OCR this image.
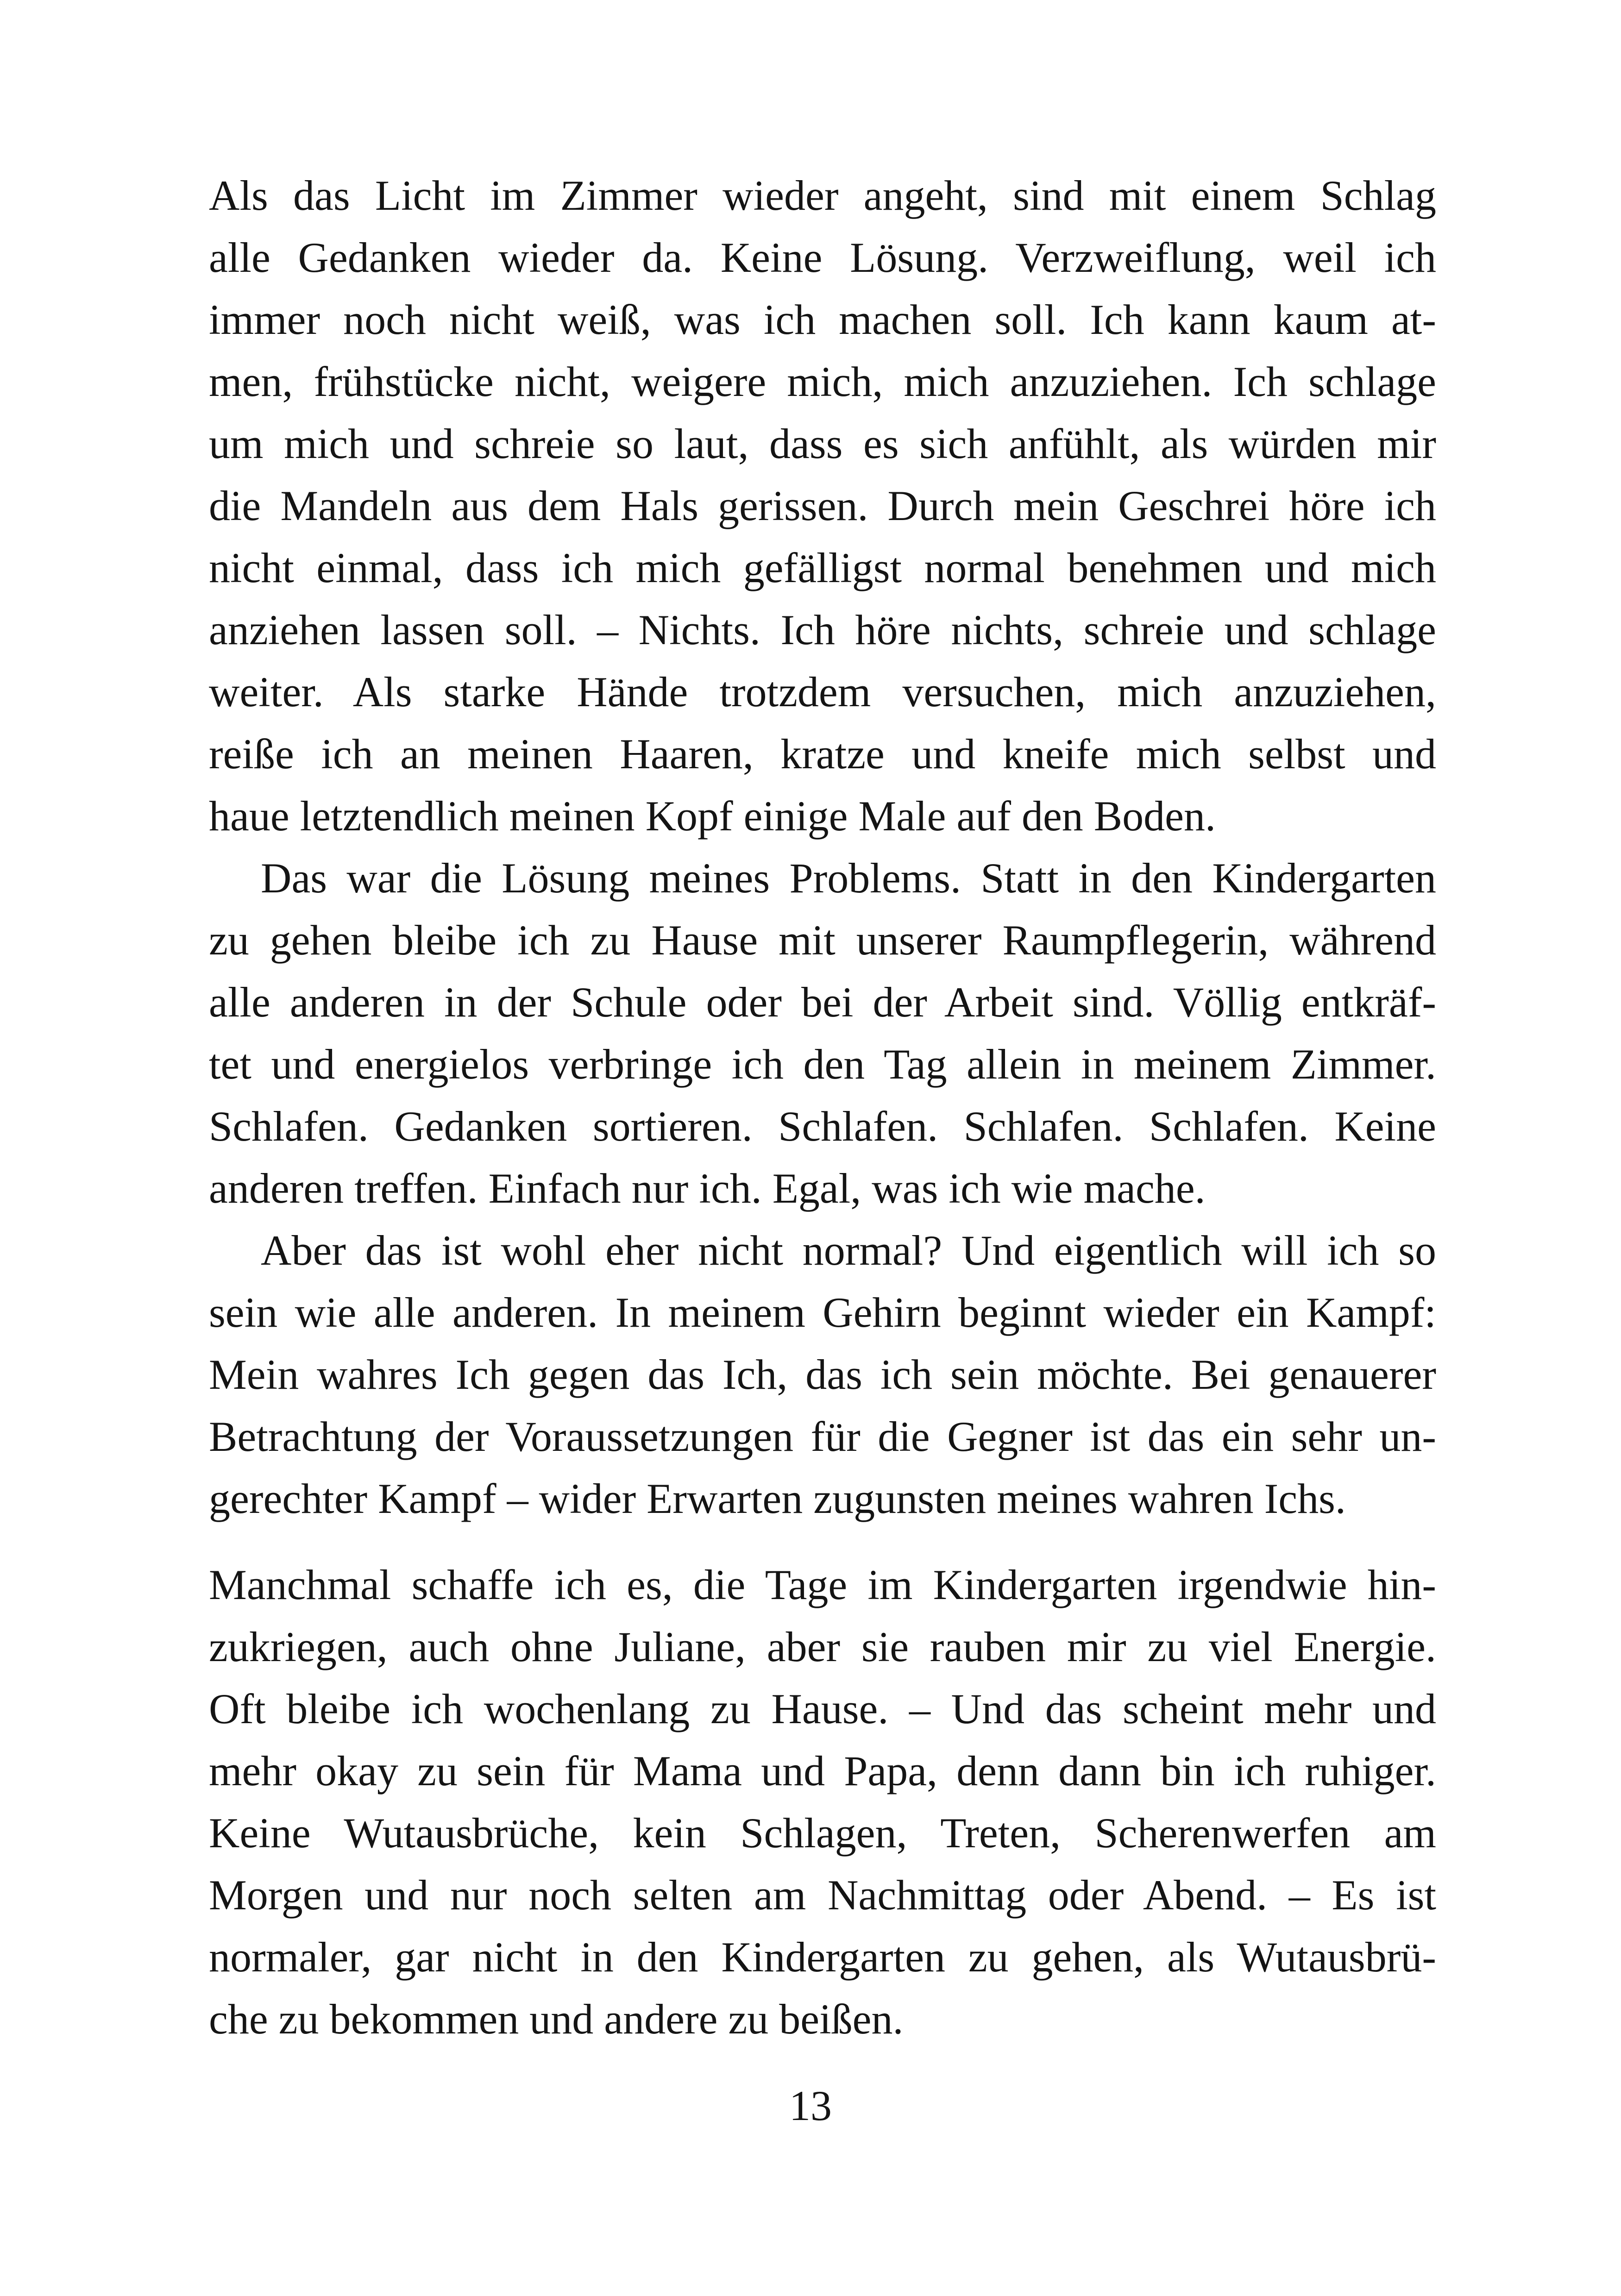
Als das Licht im Zimmer wieder angeht, sind mit einem Schlag
alle Gedanken wieder da. Keine Lösung. Verzweiflung, weil ich
immer noch nicht weiß, was ich machen soll. Ich kann kaum at-
men, frühstücke nicht, weigere mich, mich anzuziehen. Ich schlage
um mich und schreie so laut, dass es sich anfühlt, als würden mir
die Mandeln aus dem Hals gerissen. Durch mein Geschrei höre ich
nicht einmal, dass ich mich gefälligst normal benehmen und mich
anziehen lassen soll. – Nichts. Ich höre nichts, schreie und schlage
weiter. Als starke Hände trotzdem versuchen, mich anzuziehen,
reiße ich an meinen Haaren, kratze und kneife mich selbst und
haue letztendlich meinen Kopf einige Male auf den Boden.
Das war die Lösung meines Problems. Statt in den Kindergarten
zu gehen bleibe ich zu Hause mit unserer Raumpflegerin, während
alle anderen in der Schule oder bei der Arbeit sind. Völlig entkräf-
tet und energielos verbringe ich den Tag allein in meinem Zimmer.
Schlafen. Gedanken sortieren. Schlafen. Schlafen. Schlafen. Keine
anderen treffen. Einfach nur ich. Egal, was ich wie mache.
Aber das ist wohl eher nicht normal? Und eigentlich will ich so
sein wie alle anderen. In meinem Gehirn beginnt wieder ein Kampf:
Mein wahres Ich gegen das Ich, das ich sein möchte. Bei genauerer
Betrachtung der Voraussetzungen für die Gegner ist das ein sehr un-
gerechter Kampf – wider Erwarten zugunsten meines wahren Ichs.
Manchmal schaffe ich es, die Tage im Kindergarten irgendwie hin-
zukriegen, auch ohne Juliane, aber sie rauben mir zu viel Energie.
Oft bleibe ich wochenlang zu Hause. – Und das scheint mehr und
mehr okay zu sein für Mama und Papa, denn dann bin ich ruhiger.
Keine Wutausbrüche, kein Schlagen, Treten, Scherenwerfen am
Morgen und nur noch selten am Nachmittag oder Abend. – Es ist
normaler, gar nicht in den Kindergarten zu gehen, als Wutausbrü-
che zu bekommen und andere zu beißen.
13
